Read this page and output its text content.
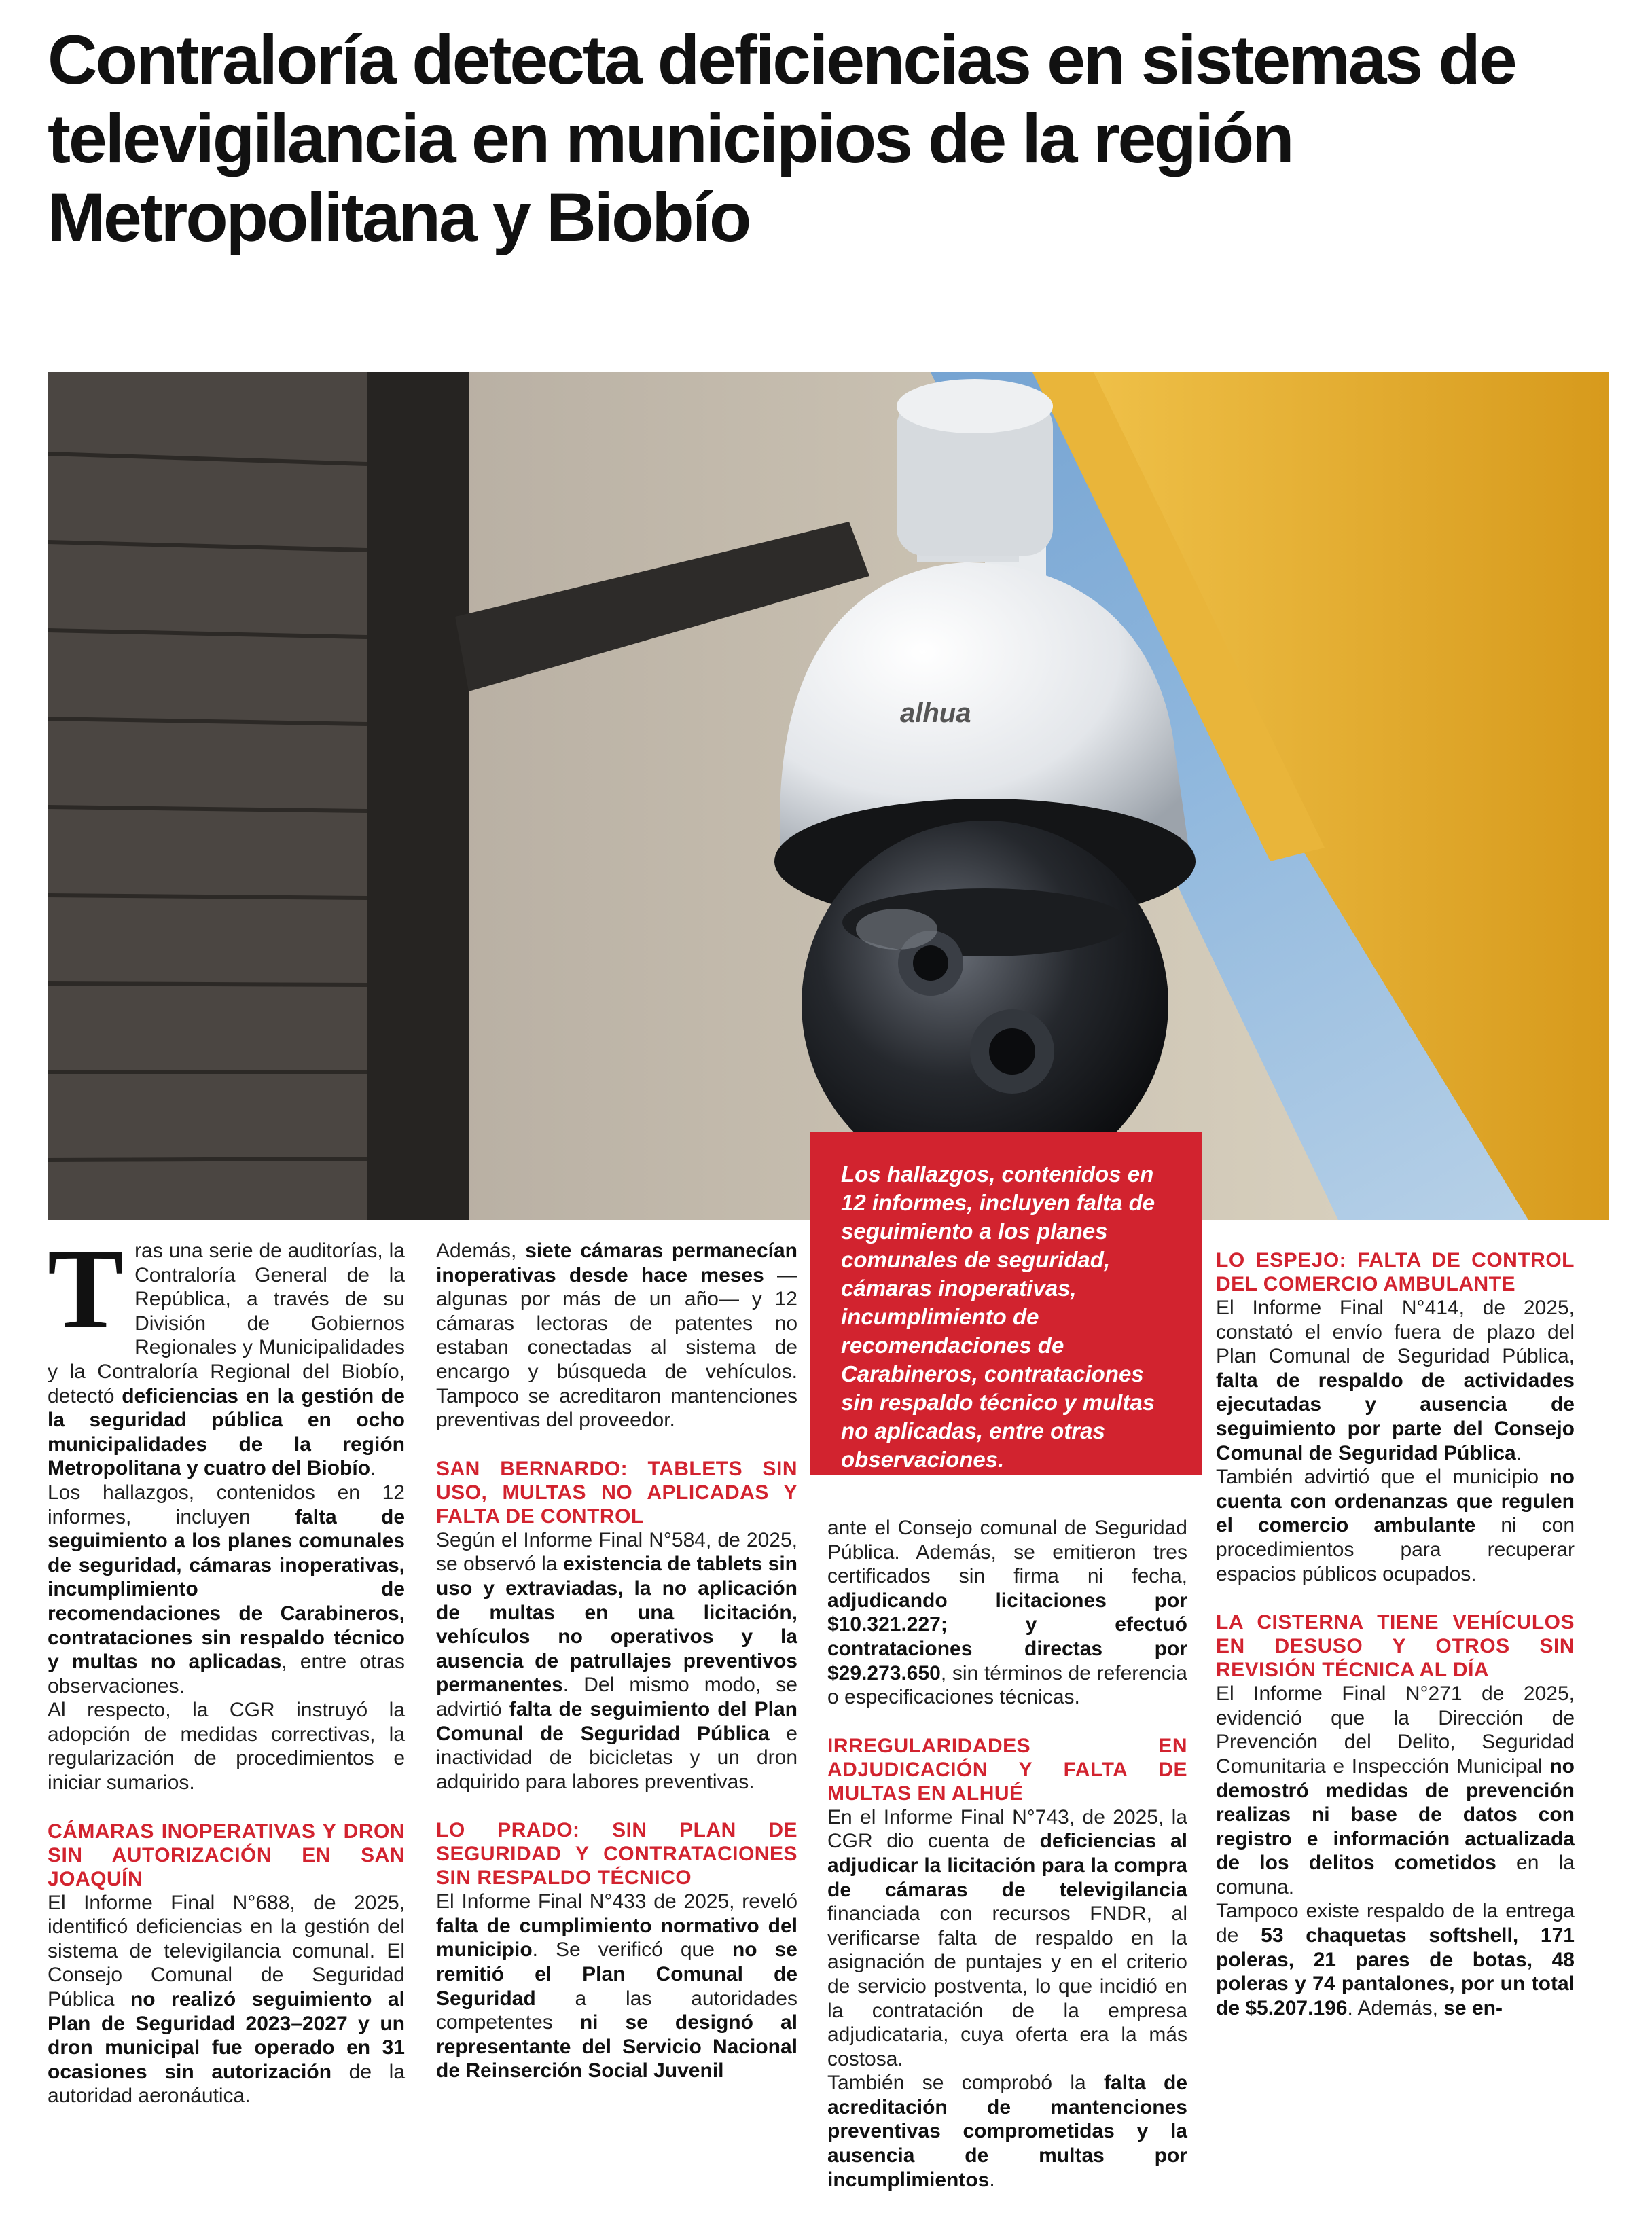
Contraloría detecta deficiencias en sistemas de televigilancia en municipios de la región Metropolitana y Biobío
alhua
Los hallazgos, contenidos en 12 informes, incluyen falta de seguimiento a los planes comunales de seguridad, cámaras inoperativas, incumplimiento de recomendaciones de Carabineros, contrataciones sin respaldo técnico y multas no aplicadas, entre otras observaciones.

Tras una serie de auditorías, la Contraloría General de la República, a través de su División de Gobiernos Regionales y Municipalidades y la Contraloría Regional del Biobío, detectó deficiencias en la gestión de la seguridad pública en ocho municipalidades de la región Metropolitana y cuatro del Biobío.

Los hallazgos, contenidos en 12 informes, incluyen falta de seguimiento a los planes comunales de seguridad, cámaras inoperativas, incumplimiento de recomendaciones de Carabineros, contrataciones sin respaldo técnico y multas no aplicadas, entre otras observaciones.

Al respecto, la CGR instruyó la adopción de medidas correctivas, la regularización de procedimientos e iniciar sumarios.

CÁMARAS INOPERATIVAS Y DRON SIN AUTORIZACIÓN EN SAN JOAQUÍN

El Informe Final N°688, de 2025, identificó deficiencias en la gestión del sistema de televigilancia comunal. El Consejo Comunal de Seguridad Pública no realizó seguimiento al Plan de Seguridad 2023–2027 y un dron municipal fue operado en 31 ocasiones sin autorización de la autoridad aeronáutica.

Además, siete cámaras permanecían inoperativas desde hace meses —algunas por más de un año— y 12 cámaras lectoras de patentes no estaban conectadas al sistema de encargo y búsqueda de vehículos. Tampoco se acreditaron mantenciones preventivas del proveedor.

SAN BERNARDO: TABLETS SIN USO, MULTAS NO APLICADAS Y FALTA DE CONTROL

Según el Informe Final N°584, de 2025, se observó la existencia de tablets sin uso y extraviadas, la no aplicación de multas en una licitación, vehículos no operativos y la ausencia de patrullajes preventivos permanentes. Del mismo modo, se advirtió falta de seguimiento del Plan Comunal de Seguridad Pública e inactividad de bicicletas y un dron adquirido para labores preventivas.

LO PRADO: SIN PLAN DE SEGURIDAD Y CONTRATACIONES SIN RESPALDO TÉCNICO

El Informe Final N°433 de 2025, reveló falta de cumplimiento normativo del municipio. Se verificó que no se remitió el Plan Comunal de Seguridad a las autoridades competentes ni se designó al representante del Servicio Nacional de Reinserción Social Juvenil

ante el Consejo comunal de Seguridad Pública. Además, se emitieron tres certificados sin firma ni fecha, adjudicando licitaciones por $10.321.227; y efectuó contrataciones directas por $29.273.650, sin términos de referencia o especificaciones técnicas.

IRREGULARIDADES EN ADJUDICACIÓN Y FALTA DE MULTAS EN ALHUÉ

En el Informe Final N°743, de 2025, la CGR dio cuenta de deficiencias al adjudicar la licitación para la compra de cámaras de televigilancia financiada con recursos FNDR, al verificarse falta de respaldo en la asignación de puntajes y en el criterio de servicio postventa, lo que incidió en la contratación de la empresa adjudicataria, cuya oferta era la más costosa.

También se comprobó la falta de acreditación de mantenciones preventivas comprometidas y la ausencia de multas por incumplimientos.

LO ESPEJO: FALTA DE CONTROL DEL COMERCIO AMBULANTE

El Informe Final N°414, de 2025, constató el envío fuera de plazo del Plan Comunal de Seguridad Pública, falta de respaldo de actividades ejecutadas y ausencia de seguimiento por parte del Consejo Comunal de Seguridad Pública.

También advirtió que el municipio no cuenta con ordenanzas que regulen el comercio ambulante ni con procedimientos para recuperar espacios públicos ocupados.

LA CISTERNA TIENE VEHÍCULOS EN DESUSO Y OTROS SIN REVISIÓN TÉCNICA AL DÍA

El Informe Final N°271 de 2025, evidenció que la Dirección de Prevención del Delito, Seguridad Comunitaria e Inspección Municipal no demostró medidas de prevención realizas ni base de datos con registro e información actualizada de los delitos cometidos en la comuna.

Tampoco existe respaldo de la entrega de 53 chaquetas softshell, 171 poleras, 21 pares de botas, 48 poleras y 74 pantalones, por un total de $5.207.196. Además, se en-
